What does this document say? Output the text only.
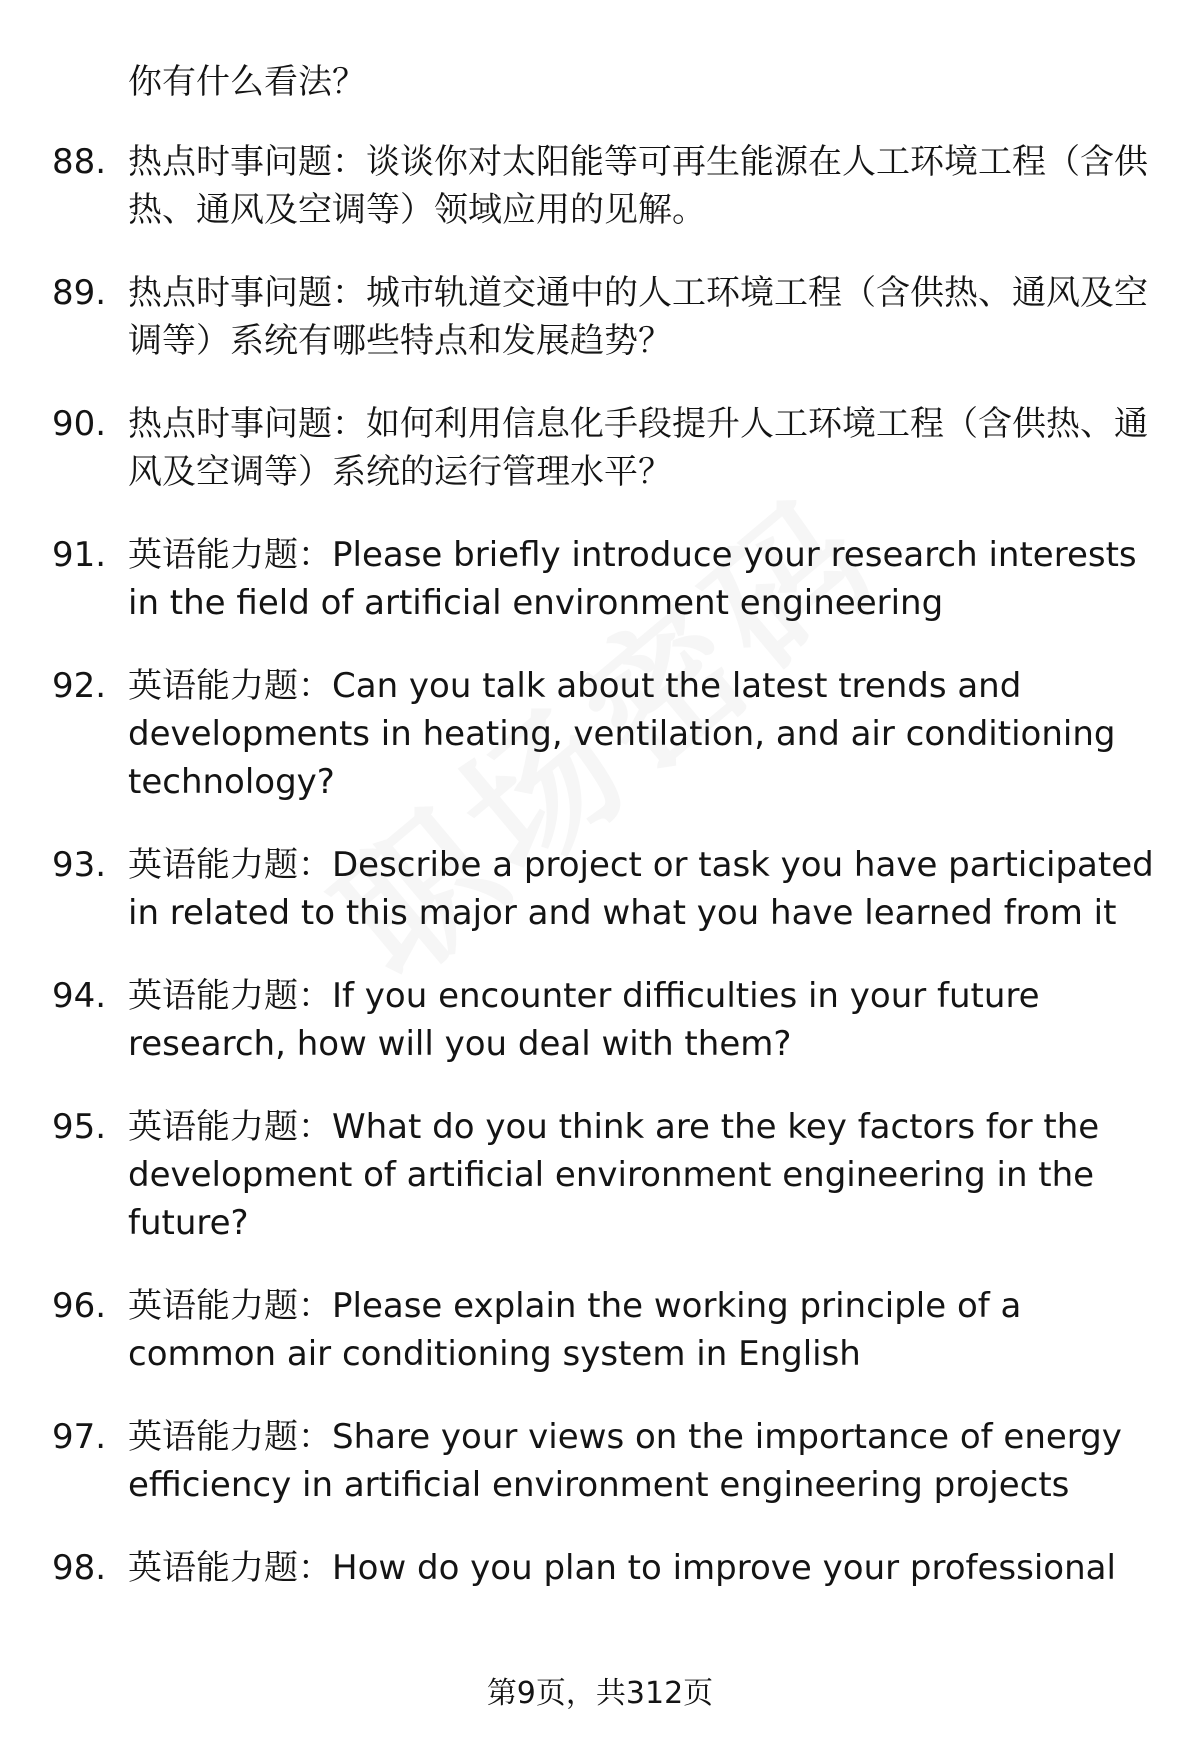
你有什么看法？
88. 热点时事问题：谈谈你对太阳能等可再生能源在人工环境工程（含供热、通风及空调等）领域应用的见解。
89. 热点时事问题：城市轨道交通中的人工环境工程（含供热、通风及空调等）系统有哪些特点和发展趋势？
90. 热点时事问题：如何利用信息化手段提升人工环境工程（含供热、通风及空调等）系统的运行管理水平？
91. 英语能力题：Please briefly introduce your research interests in the field of artificial environment engineering
92. 英语能力题：Can you talk about the latest trends and developments in heating, ventilation, and air conditioning technology?
93. 英语能力题：Describe a project or task you have participated in related to this major and what you have learned from it
94. 英语能力题：If you encounter difficulties in your future research, how will you deal with them?
95. 英语能力题：What do you think are the key factors for the development of artificial environment engineering in the future?
96. 英语能力题：Please explain the working principle of a common air conditioning system in English
97. 英语能力题：Share your views on the importance of energy efficiency in artificial environment engineering projects
98. 英语能力题：How do you plan to improve your professional
第9页，共312页
